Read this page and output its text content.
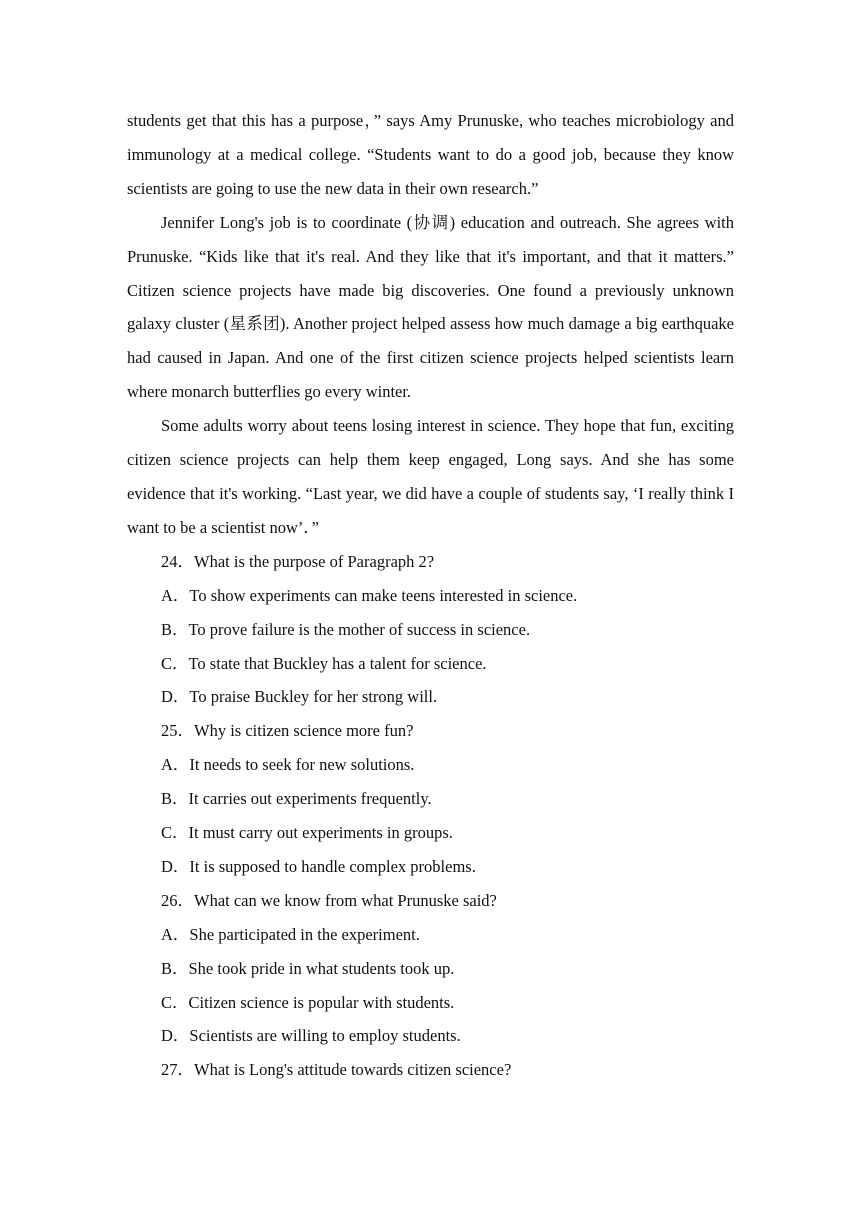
students get that this has a purpose，” says Amy Prunuske, who teaches microbiology and immunology at a medical college. “Students want to do a good job, because they know scientists are going to use the new data in their own research.”

Jennifer Long's job is to coordinate (协调) education and outreach. She agrees with Prunuske. “Kids like that it's real. And they like that it's important, and that it matters.” Citizen science projects have made big discoveries. One found a previously unknown galaxy cluster (星系团). Another project helped assess how much damage a big earthquake had caused in Japan. And one of the first citizen science projects helped scientists learn where monarch butterflies go every winter.

Some adults worry about teens losing interest in science. They hope that fun, exciting citizen science projects can help them keep engaged, Long says. And she has some evidence that it's working. “Last year, we did have a couple of students say, ‘I really think I want to be a scientist now’．”

24．What is the purpose of Paragraph 2?

A．To show experiments can make teens interested in science.

B．To prove failure is the mother of success in science.

C．To state that Buckley has a talent for science.

D．To praise Buckley for her strong will.

25．Why is citizen science more fun?

A．It needs to seek for new solutions.

B．It carries out experiments frequently.

C．It must carry out experiments in groups.

D．It is supposed to handle complex problems.

26．What can we know from what Prunuske said?

A．She participated in the experiment.

B．She took pride in what students took up.

C．Citizen science is popular with students.

D．Scientists are willing to employ students.

27．What is Long's attitude towards citizen science?
